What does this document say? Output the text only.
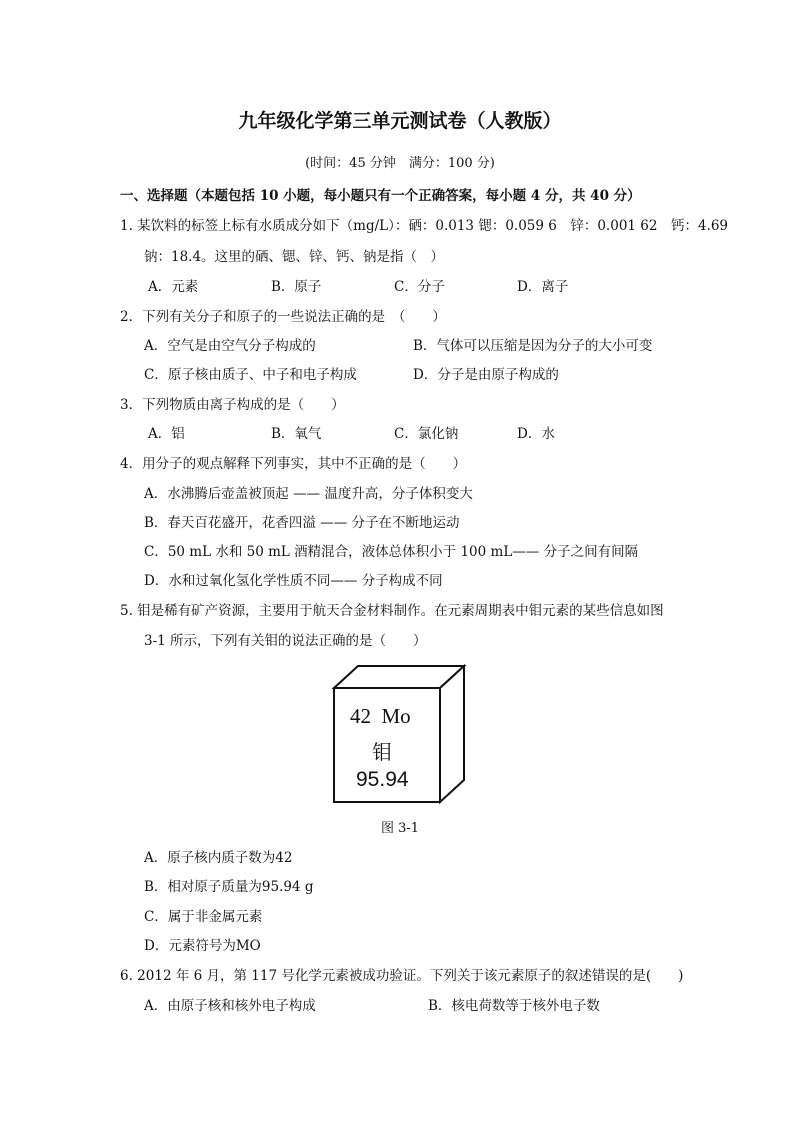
九年级化学第三单元测试卷（人教版）
(时间：45 分钟　满分：100 分)
一、选择题（本题包括 10 小题，每小题只有一个正确答案，每小题 4 分，共 40 分）
1. 某饮料的标签上标有水质成分如下（mg/L）：硒：0.013 锶：0.059 6　锌：0.001 62　钙：4.69
钠：18.4。这里的硒、锶、锌、钙、钠是指（　）
A．元素	B．原子	C．分子	D．离子
2．下列有关分子和原子的一些说法正确的是　（　　）
A．空气是由空气分子构成的	B．气体可以压缩是因为分子的大小可变
C．原子核由质子、中子和电子构成	D．分子是由原子构成的
3．下列物质由离子构成的是（　　）
A．铝	B．氧气	C．氯化钠	D．水
4．用分子的观点解释下列事实，其中不正确的是（　　）
A．水沸腾后壶盖被顶起 —— 温度升高，分子体积变大
B．春天百花盛开，花香四溢 —— 分子在不断地运动
C．50 mL 水和 50 mL 酒精混合，液体总体积小于 100 mL—— 分子之间有间隔
D．水和过氧化氢化学性质不同—— 分子构成不同
5. 钼是稀有矿产资源，主要用于航天合金材料制作。在元素周期表中钼元素的某些信息如图
3-1 所示，下列有关钼的说法正确的是（　　）
42 Mo
钼
95.94
图 3-1
A．原子核内质子数为42
B．相对原子质量为95.94 g
C．属于非金属元素
D．元素符号为MO
6. 2012 年 6 月，第 117 号化学元素被成功验证。下列关于该元素原子的叙述错误的是(　　)
A．由原子核和核外电子构成	B．核电荷数等于核外电子数
